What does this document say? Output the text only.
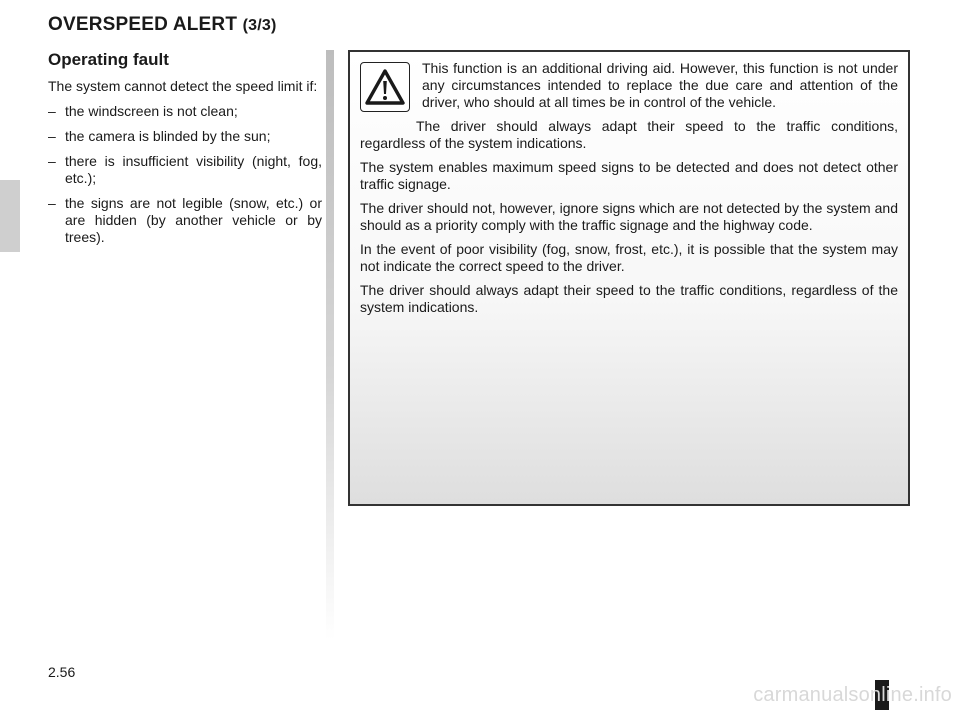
OVERSPEED ALERT (3/3)
Operating fault

The system cannot detect the speed limit if:

– the windscreen is not clean;
– the camera is blinded by the sun;
– there is insufficient visibility (night, fog, etc.);
– the signs are not legible (snow, etc.) or are hidden (by another vehicle or by trees).

This function is an additional driving aid. However, this function is not under any circumstances intended to replace the due care and attention of the driver, who should at all times be in control of the vehicle.

The driver should always adapt their speed to the traffic conditions, regardless of the system indications.

The system enables maximum speed signs to be detected and does not detect other traffic signage.

The driver should not, however, ignore signs which are not detected by the system and should as a priority comply with the traffic signage and the highway code.

In the event of poor visibility (fog, snow, frost, etc.), it is possible that the system may not indicate the correct speed to the driver.

The driver should always adapt their speed to the traffic conditions, regardless of the system indications.

2.56

carmanualsonline.info
